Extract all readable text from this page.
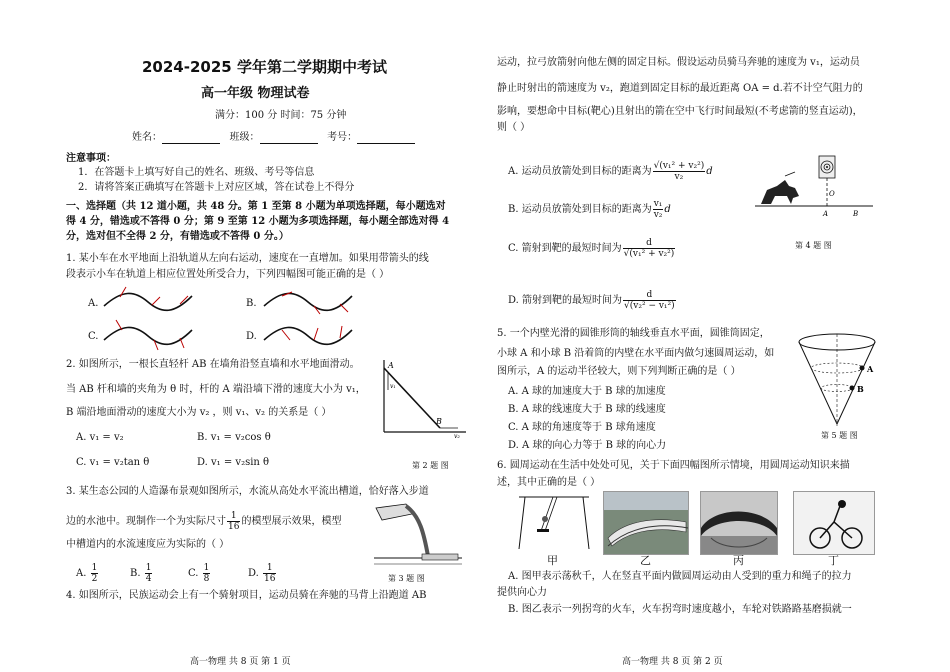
2024-2025 学年第二学期期中考试
高一年级 物理试卷
满分：100 分 时间：75 分钟
姓名：	班级：	考号：
注意事项：
1．在答题卡上填写好自己的姓名、班级、考号等信息
2．请将答案正确填写在答题卡上对应区域，答在试卷上不得分
一、选择题（共 12 道小题，共 48 分。第 1 至第 8 小题为单项选择题，每小题选对
得 4 分，错选或不答得 0 分；第 9 至第 12 小题为多项选择题，每小题全部选对得 4
分，选对但不全得 2 分，有错选或不答得 0 分。）
1. 某小车在水平地面上沿轨道从左向右运动，速度在一直增加。如果用带箭头的线
段表示小车在轨道上相应位置处所受合力，下列四幅图可能正确的是（ ）
A.	B.
C.	D.
2. 如图所示，一根长直轻杆 AB 在墙角沿竖直墙和水平地面滑动。
当 AB 杆和墙的夹角为 θ 时，杆的 A 端沿墙下滑的速度大小为 v₁，
B 端沿地面滑动的速度大小为 v₂ ，则 v₁、v₂ 的关系是（ ）
A. v₁ = v₂	B. v₁ = v₂cos θ
C. v₁ = v₂tan θ	D. v₁ = v₂sin θ
A
B
v₁
v₂
第 2 题 图
3. 某生态公园的人造瀑布景观如图所示，水流从高处水平流出槽道，恰好落入步道
边的水池中。现制作一个为实际尺寸 $\frac{1}{16}$ 的模型展示效果，模型
中槽道内的水流速度应为实际的（ ）
A. $\frac{1}{2}$	B. $\frac{1}{4}$	C. $\frac{1}{8}$	D. $\frac{1}{16}$	第 3 题 图
4. 如图所示，民族运动会上有一个骑射项目，运动员骑在奔驰的马背上沿跑道 AB
运动，拉弓放箭射向他左侧的固定目标。假设运动员骑马奔驰的速度为 v₁，运动员
静止时射出的箭速度为 v₂，跑道到固定目标的最近距离 OA = d.若不计空气阻力的
影响，要想命中目标(靶心)且射出的箭在空中飞行时间最短(不考虑箭的竖直运动)，
则（ ）
A. 运动员放箭处到目标的距离为 $\frac{\text{√(v₁² + v₂²)}}{\text{v₂}}$ d
B. 运动员放箭处到目标的距离为 $\frac{\text{v₁}}{\text{v₂}}$ d
C. 箭射到靶的最短时间为 $\frac{d}{\text{√(v₁² + v₂²)}}$
D. 箭射到靶的最短时间为 $\frac{d}{\text{√(v₂² − v₁²)}}$
O
A	B
第 4 题 图
5. 一个内壁光滑的圆锥形筒的轴线垂直水平面，圆锥筒固定，
小球 A 和小球 B 沿着筒的内壁在水平面内做匀速圆周运动，如
图所示，A 的运动半径较大，则下列判断正确的是（ ）
A. A 球的加速度大于 B 球的加速度
B. A 球的线速度大于 B 球的线速度
C. A 球的角速度等于 B 球角速度
D. A 球的向心力等于 B 球的向心力
A
B
第 5 题 图
6. 圆周运动在生活中处处可见，关于下面四幅图所示情境，用圆周运动知识来描
述，其中正确的是（ ）
甲	乙	丙	丁
A. 图甲表示荡秋千，人在竖直平面内做圆周运动由人受到的重力和绳子的拉力
提供向心力
B. 图乙表示一列拐弯的火车，火车拐弯时速度越小，车轮对铁路路基磨损就一
高一物理 共 8 页 第 1 页	高一物理 共 8 页 第 2 页
